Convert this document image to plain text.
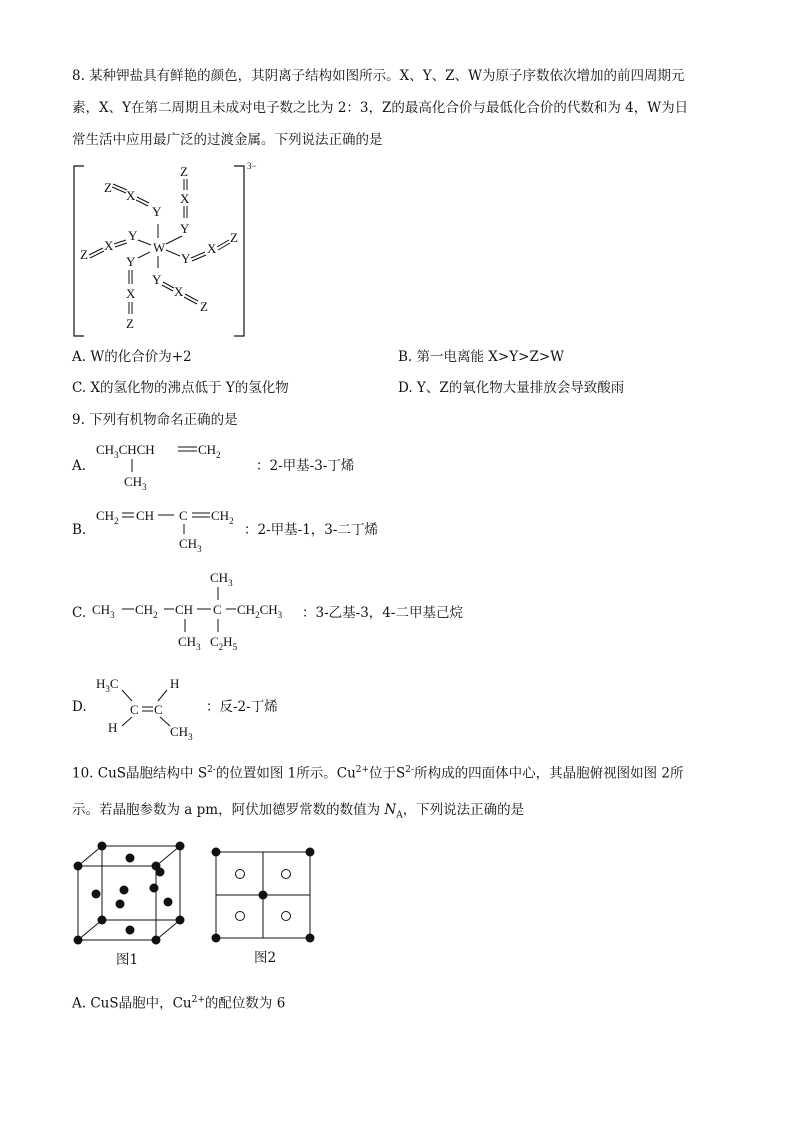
8. 某种钾盐具有鲜艳的颜色，其阴离子结构如图所示。X、Y、Z、W为原子序数依次增加的前四周期元
素，X、Y在第二周期且未成对电子数之比为 2：3，Z的最高化合价与最低化合价的代数和为 4，W为日
常生活中应用最广泛的过渡金属。下列说法正确的是
3−
W
Z
X
Y
Z
X
Y
Z
X
Y
Y
X
Z
Y
X
Z
Y
X
Z
A. W的化合价为+2	B. 第一电离能 X>Y>Z>W
C. X的氢化物的沸点低于 Y的氢化物	D. Y、Z的氧化物大量排放会导致酸雨
9. 下列有机物命名正确的是
A.
$CH_3CHCH$	$CH_2$
$CH_3$
：2-甲基-3-丁烯
B.
$CH_2$ CH C $CH_2$
$CH_3$
：2-甲基-1，3-二丁烯
C.
$CH_3$
$CH_3$ $CH_2$ CH C $CH_2CH_3$
$CH_3$ $C_2H_5$
：3-乙基-3，4-二甲基己烷
D.
$H_3C$	H
C C
H	$CH_3$
：反-2-丁烯
10. CuS晶胞结构中 $S^{2-}$的位置如图 1所示。$Cu^{2+}$位于$S^{2-}$所构成的四面体中心，其晶胞俯视图如图 2所
示。若晶胞参数为 a pm，阿伏加德罗常数的数值为 $N_A$，下列说法正确的是
图1	图2
A. CuS晶胞中，$Cu^{2+}$的配位数为 6
